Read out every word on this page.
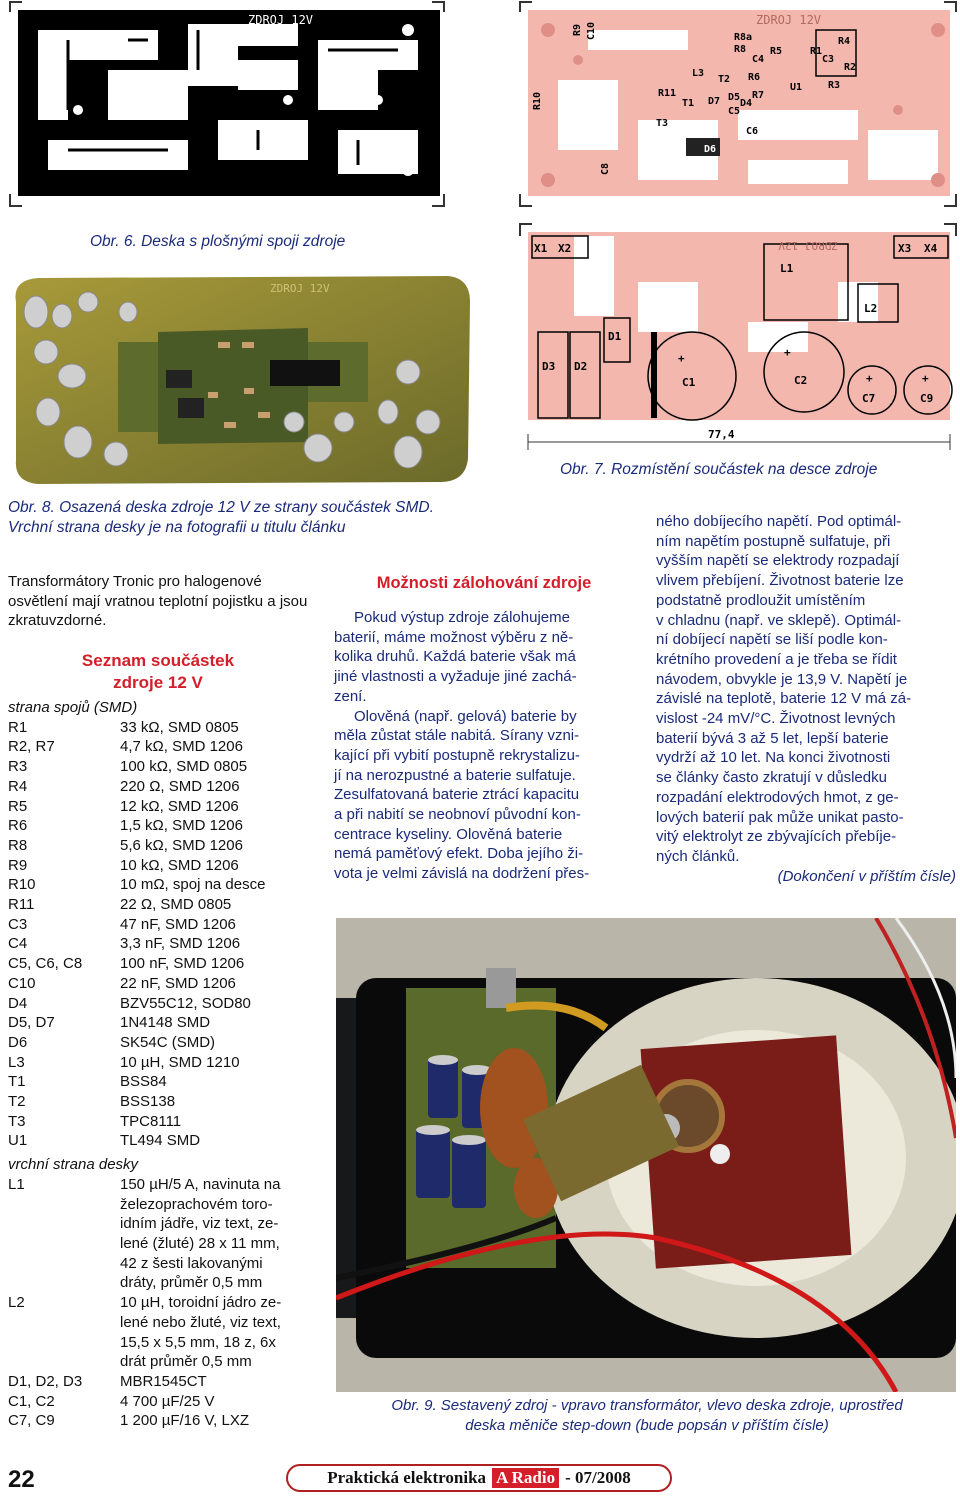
ZDROJ 12V
R9 C10	R8a
R8 R5	R1
R4
C3
R2
L3
T2
C4
R6
R3
U1
R11
T1 D7 D5
C5
D4
R7
C6
T3
D6
R10
C8
ZDROJ 12V
Obr. 6. Deska s plošnými spoji zdroje
ZDROJ 12V
X1 X2	X3 X4
L1
L2
D1
D3 D2
C1	C2
C7	C9
+	+
+	+
ZDROJ 12V
77,4
Obr. 7. Rozmístění součástek na desce zdroje
Obr. 8. Osazená deska zdroje 12 V ze strany součástek SMD. Vrchní strana desky je na fotografii u titulu článku
Transformátory Tronic pro halogenové osvětlení mají vratnou teplotní pojistku a jsou zkratuvzdorné.
Seznam součástek
zdroje 12 V
strana spojů (SMD)
R1	33 kΩ, SMD 0805
R2, R7	4,7 kΩ, SMD 1206
R3	100 kΩ, SMD 0805
R4	220 Ω, SMD 1206
R5	12 kΩ, SMD 1206
R6	1,5 kΩ, SMD 1206
R8	5,6 kΩ, SMD 1206
R9	10 kΩ, SMD 1206
R10	10 mΩ, spoj na desce
R11	22 Ω, SMD 0805
C3	47 nF, SMD 1206
C4	3,3 nF, SMD 1206
C5, C6, C8	100 nF, SMD 1206
C10	22 nF, SMD 1206
D4	BZV55C12, SOD80
D5, D7	1N4148 SMD
D6	SK54C (SMD)
L3	10 µH, SMD 1210
T1	BSS84
T2	BSS138
T3	TPC8111
U1	TL494 SMD
vrchní strana desky
L1	150 µH/5 A, navinuta na
železoprachovém toro-
idním jádře, viz text, ze-
lené (žluté) 28 x 11 mm,
42 z šesti lakovanými
dráty, průměr 0,5 mm
L2	10 µH, toroidní jádro ze-
lené nebo žluté, viz text,
15,5 x 5,5 mm, 18 z, 6x
drát průměr 0,5 mm
D1, D2, D3	MBR1545CT
C1, C2	4 700 µF/25 V
C7, C9	1 200 µF/16 V, LXZ
Možnosti zálohování zdroje
Pokud výstup zdroje zálohujeme
baterií, máme možnost výběru z ně-
kolika druhů. Každá baterie však má
jiné vlastnosti a vyžaduje jiné zachá-
zení.
Olověná (např. gelová) baterie by
měla zůstat stále nabitá. Sírany vzni-
kající při vybití postupně rekrystalizu-
jí na nerozpustné a baterie sulfatuje.
Zesulfatovaná baterie ztrácí kapacitu
a při nabití se neobnoví původní kon-
centrace kyseliny. Olověná baterie
nemá paměťový efekt. Doba jejího ži-
vota je velmi závislá na dodržení přes-
ného dobíjecího napětí. Pod optimál-
ním napětím postupně sulfatuje, při
vyšším napětí se elektrody rozpadají
vlivem přebíjení. Životnost baterie lze
podstatně prodloužit umístěním
v chladnu (např. ve sklepě). Optimál-
ní dobíjecí napětí se liší podle kon-
krétního provedení a je třeba se řídit
návodem, obvykle je 13,9 V. Napětí je
závislé na teplotě, baterie 12 V má zá-
vislost -24 mV/°C. Životnost levných
baterií bývá 3 až 5 let, lepší baterie
vydrží až 10 let. Na konci životnosti
se články často zkratují v důsledku
rozpadání elektrodových hmot, z ge-
lových baterií pak může unikat pasto-
vitý elektrolyt ze zbývajících přebíje-
ných článků.
(Dokončení v příštím čísle)
Obr. 9. Sestavený zdroj - vpravo transformátor, vlevo deska zdroje, uprostřed
deska měniče step-down (bude popsán v příštím čísle)
22	Praktická elektronika A Radio - 07/2008
